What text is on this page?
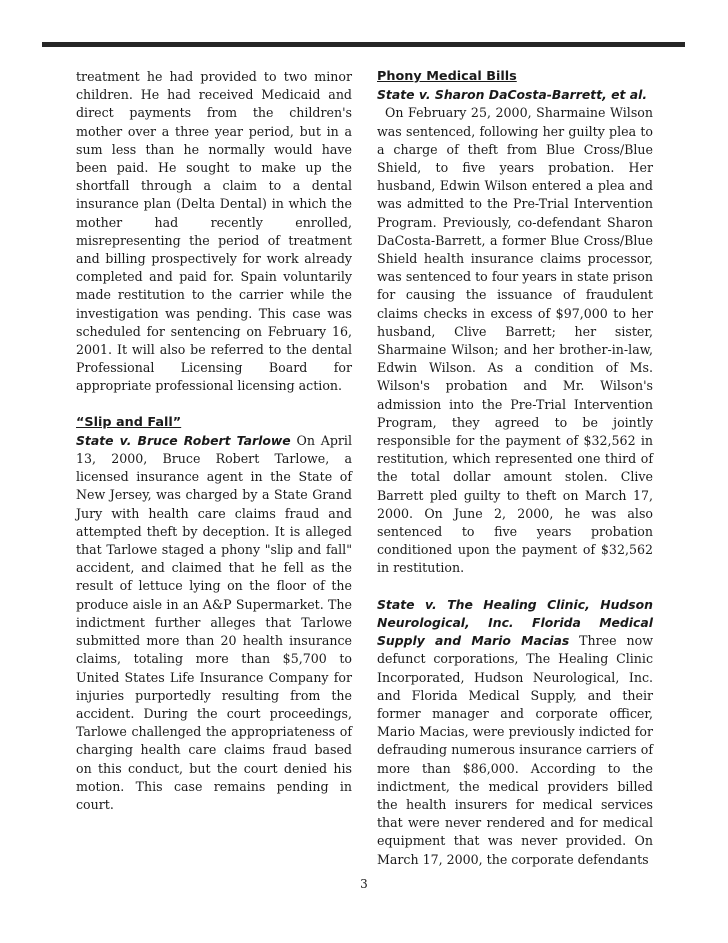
treatment he had provided to two minor children. He had received Medicaid and direct payments from the children's mother over a three year period, but in a sum less than he normally would have been paid. He sought to make up the shortfall through a claim to a dental insurance plan (Delta Dental) in which the mother had recently enrolled, misrepresenting the period of treatment and billing prospectively for work already completed and paid for. Spain voluntarily made restitution to the carrier while the investigation was pending. This case was scheduled for sentencing on February 16, 2001. It will also be referred to the dental Professional Licensing Board for appropriate professional licensing action.

“Slip and Fall”

State v. Bruce Robert Tarlowe On April 13, 2000, Bruce Robert Tarlowe, a licensed insurance agent in the State of New Jersey, was charged by a State Grand Jury with health care claims fraud and attempted theft by deception. It is alleged that Tarlowe staged a phony "slip and fall" accident, and claimed that he fell as the result of lettuce lying on the floor of the produce aisle in an A&P Supermarket. The indictment further alleges that Tarlowe submitted more than 20 health insurance claims, totaling more than $5,700 to United States Life Insurance Company for injuries purportedly resulting from the accident. During the court proceedings, Tarlowe challenged the appropriateness of charging health care claims fraud based on this conduct, but the court denied his motion. This case remains pending in court.

Phony Medical Bills

State v. Sharon DaCosta-Barrett, et al.

On February 25, 2000, Sharmaine Wilson was sentenced, following her guilty plea to a charge of theft from Blue Cross/Blue Shield, to five years probation. Her husband, Edwin Wilson entered a plea and was admitted to the Pre-Trial Intervention Program. Previously, co-defendant Sharon DaCosta-Barrett, a former Blue Cross/Blue Shield health insurance claims processor, was sentenced to four years in state prison for causing the issuance of fraudulent claims checks in excess of $97,000 to her husband, Clive Barrett; her sister, Sharmaine Wilson; and her brother-in-law, Edwin Wilson. As a condition of Ms. Wilson's probation and Mr. Wilson's admission into the Pre-Trial Intervention Program, they agreed to be jointly responsible for the payment of $32,562 in restitution, which represented one third of the total dollar amount stolen. Clive Barrett pled guilty to theft on March 17, 2000. On June 2, 2000, he was also sentenced to five years probation conditioned upon the payment of $32,562 in restitution.

State v. The Healing Clinic, Hudson Neurological, Inc. Florida Medical Supply and Mario Macias Three now defunct corporations, The Healing Clinic Incorporated, Hudson Neurological, Inc. and Florida Medical Supply, and their former manager and corporate officer, Mario Macias, were previously indicted for defrauding numerous insurance carriers of more than $86,000. According to the indictment, the medical providers billed the health insurers for medical services that were never rendered and for medical equipment that was never provided. On March 17, 2000, the corporate defendants

3
